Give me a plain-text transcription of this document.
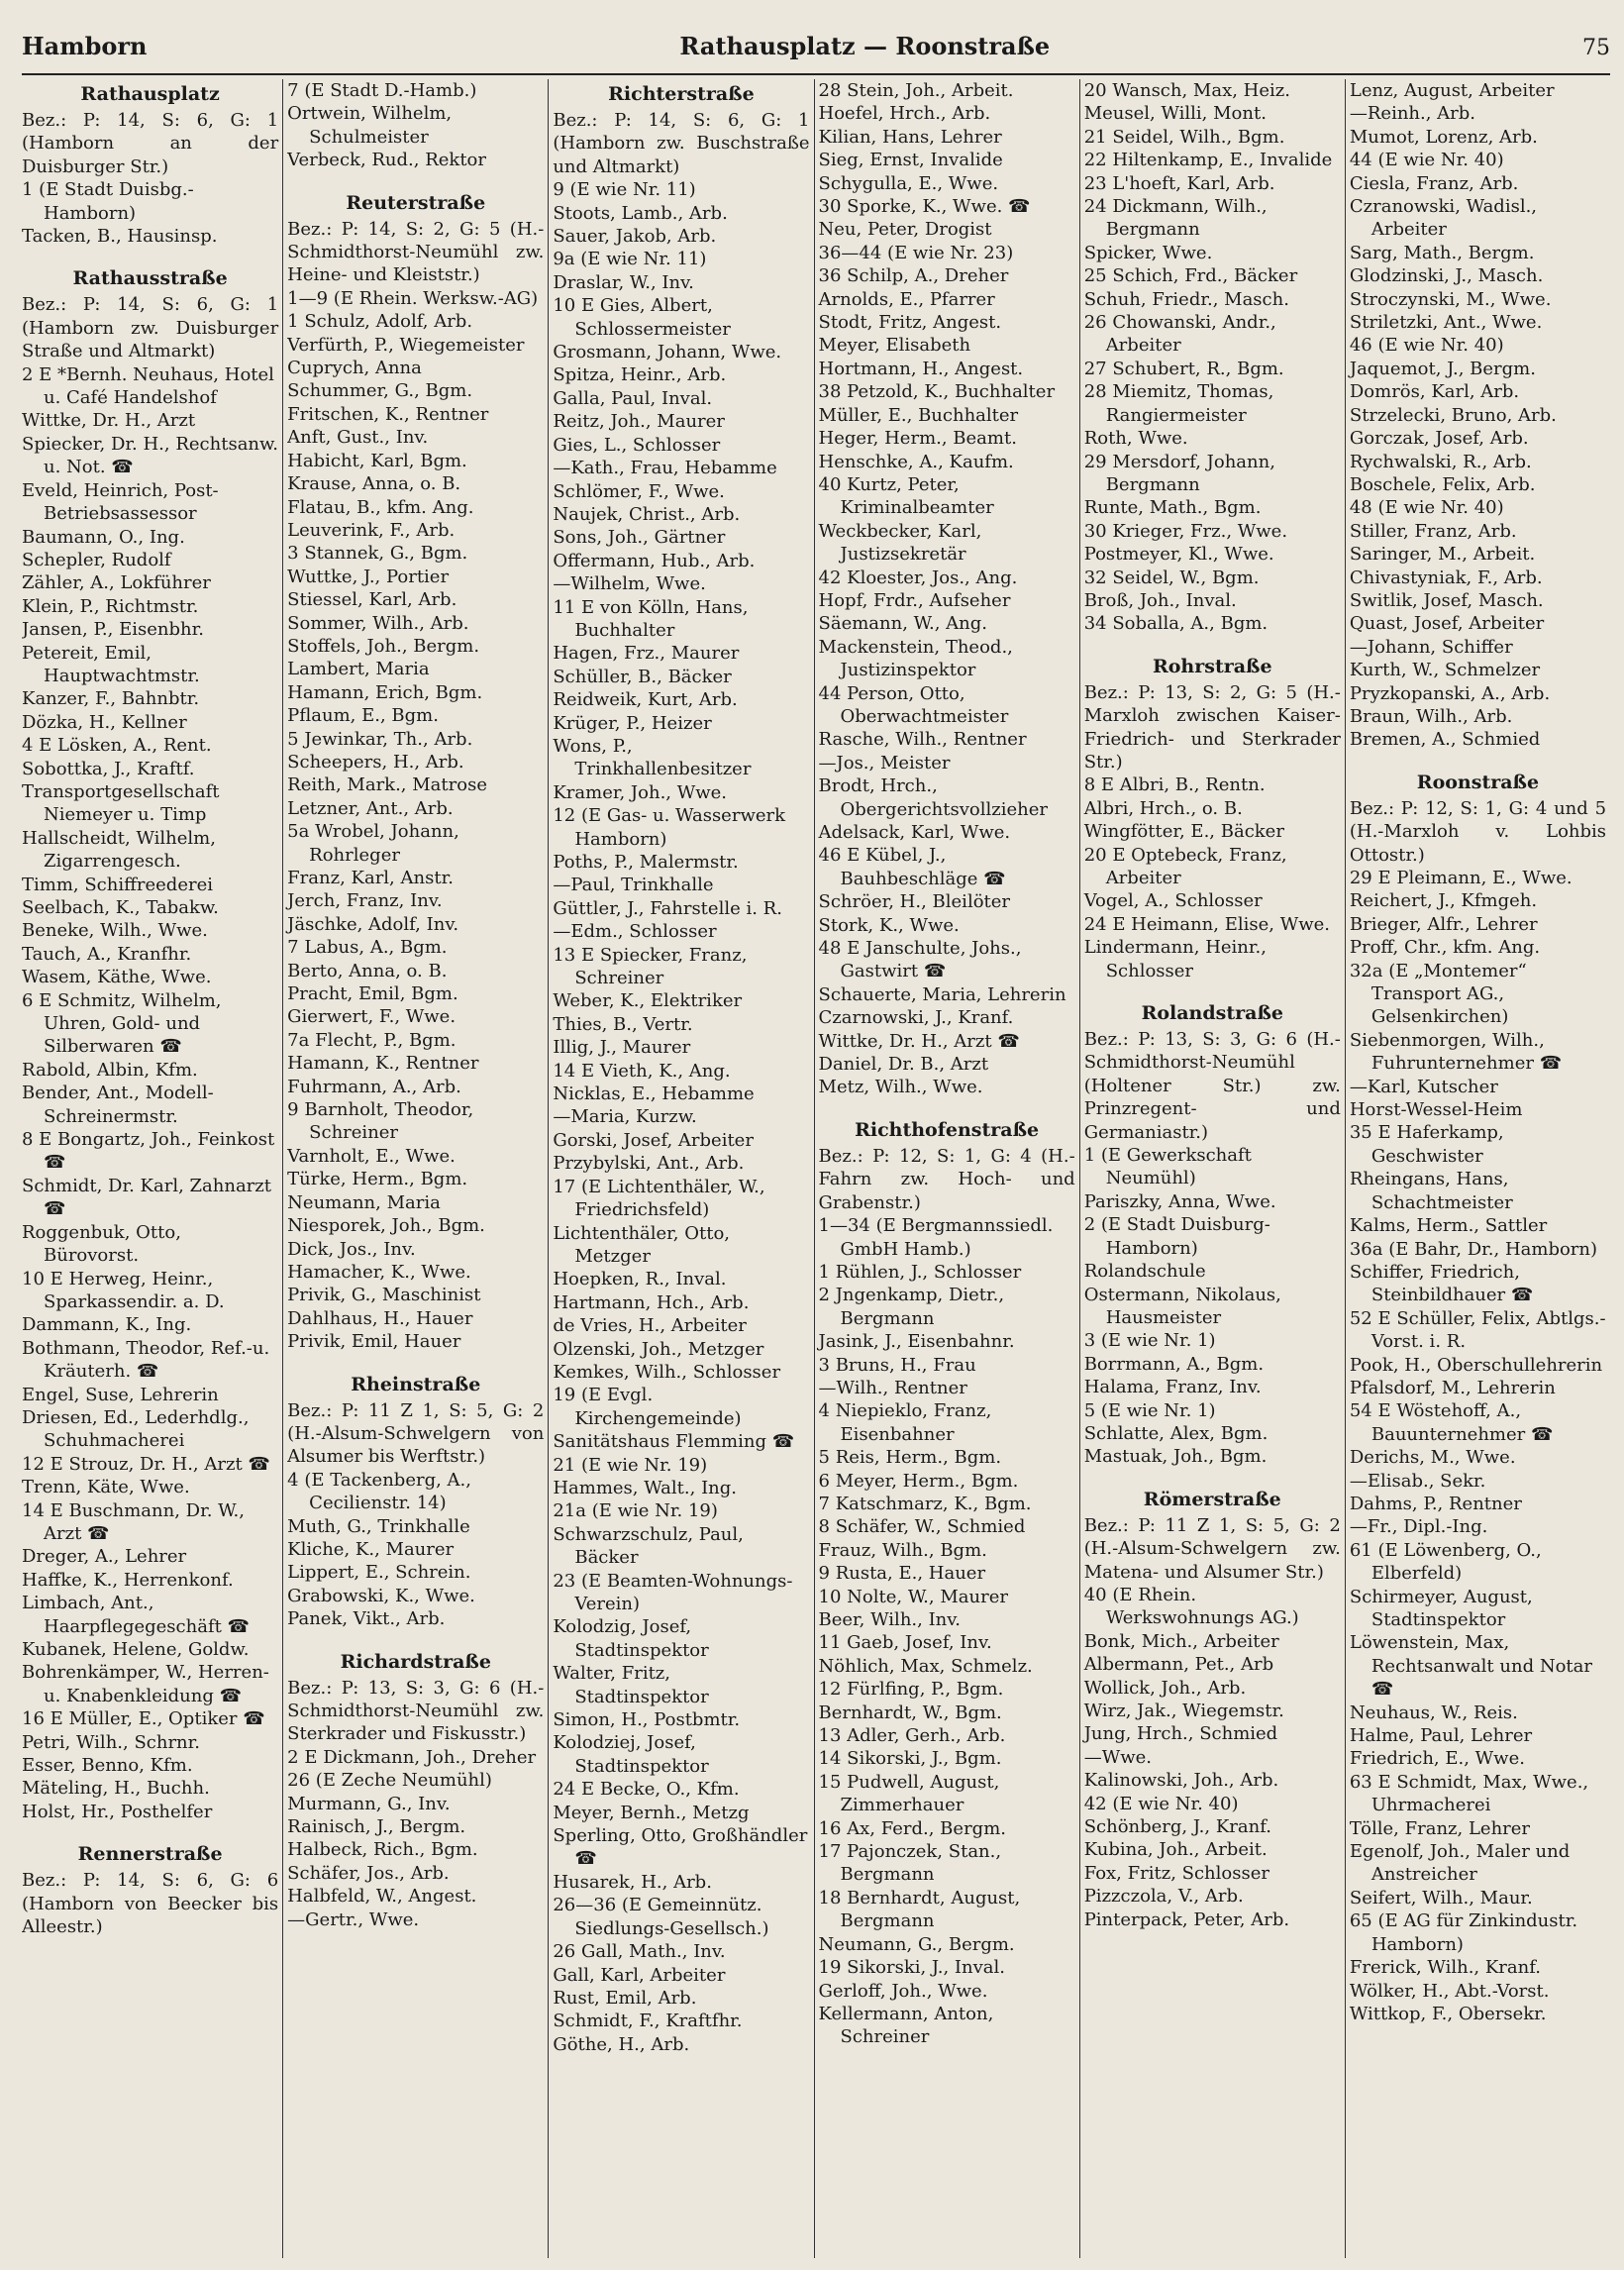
Hamborn	Rathausplatz — Roonstraße	75
Rathausplatz
Bez.: P: 14, S: 6, G: 1 (Hamborn an der Duisburger Str.)
1 (E Stadt Duisbg.-Hamborn)
Tacken, B., Hausinsp.
Rathausstraße
Bez.: P: 14, S: 6, G: 1 (Hamborn zw. Duisburger Straße und Altmarkt)
2 E *Bernh. Neuhaus, Hotel u. Café Handelshof
Wittke, Dr. H., Arzt
Spiecker, Dr. H., Rechtsanw. u. Not. ☎
Eveld, Heinrich, Post-Betriebsassessor
Baumann, O., Ing.
Schepler, Rudolf
Zähler, A., Lokführer
Klein, P., Richtmstr.
Jansen, P., Eisenbhr.
Petereit, Emil, Hauptwachtmstr.
Kanzer, F., Bahnbtr.
Dözka, H., Kellner
4 E Lösken, A., Rent.
Sobottka, J., Kraftf.
Transportgesellschaft Niemeyer u. Timp
Hallscheidt, Wilhelm, Zigarrengesch.
Timm, Schiffreederei
Seelbach, K., Tabakw.
Beneke, Wilh., Wwe.
Tauch, A., Kranfhr.
Wasem, Käthe, Wwe.
6 E Schmitz, Wilhelm, Uhren, Gold- und Silberwaren ☎
Rabold, Albin, Kfm.
Bender, Ant., Modell-Schreinermstr.
8 E Bongartz, Joh., Feinkost ☎
Schmidt, Dr. Karl, Zahnarzt ☎
Roggenbuk, Otto, Bürovorst.
10 E Herweg, Heinr., Sparkassendir. a. D.
Dammann, K., Ing.
Bothmann, Theodor, Ref.-u. Kräuterh. ☎
Engel, Suse, Lehrerin
Driesen, Ed., Lederhdlg., Schuhmacherei
12 E Strouz, Dr. H., Arzt ☎
Trenn, Käte, Wwe.
14 E Buschmann, Dr. W., Arzt ☎
Dreger, A., Lehrer
Haffke, K., Herrenkonf.
Limbach, Ant., Haarpflegegeschäft ☎
Kubanek, Helene, Goldw.
Bohrenkämper, W., Herren- u. Knabenkleidung ☎
16 E Müller, E., Optiker ☎
Petri, Wilh., Schrnr.
Esser, Benno, Kfm.
Mäteling, H., Buchh.
Holst, Hr., Posthelfer
Rennerstraße
Bez.: P: 14, S: 6, G: 6 (Hamborn von Beecker bis Alleestr.)
7 (E Stadt D.-Hamb.)
Ortwein, Wilhelm, Schulmeister
Verbeck, Rud., Rektor
Reuterstraße
Bez.: P: 14, S: 2, G: 5 (H.-Schmidthorst-Neumühl zw. Heine- und Kleiststr.)
1—9 (E Rhein. Werksw.-AG)
1 Schulz, Adolf, Arb.
Verfürth, P., Wiegemeister
Cuprych, Anna
Schummer, G., Bgm.
Fritschen, K., Rentner
Anft, Gust., Inv.
Habicht, Karl, Bgm.
Krause, Anna, o. B.
Flatau, B., kfm. Ang.
Leuverink, F., Arb.
3 Stannek, G., Bgm.
Wuttke, J., Portier
Stiessel, Karl, Arb.
Sommer, Wilh., Arb.
Stoffels, Joh., Bergm.
Lambert, Maria
Hamann, Erich, Bgm.
Pflaum, E., Bgm.
5 Jewinkar, Th., Arb.
Scheepers, H., Arb.
Reith, Mark., Matrose
Letzner, Ant., Arb.
5a Wrobel, Johann, Rohrleger
Franz, Karl, Anstr.
Jerch, Franz, Inv.
Jäschke, Adolf, Inv.
7 Labus, A., Bgm.
Berto, Anna, o. B.
Pracht, Emil, Bgm.
Gierwert, F., Wwe.
7a Flecht, P., Bgm.
Hamann, K., Rentner
Fuhrmann, A., Arb.
9 Barnholt, Theodor, Schreiner
Varnholt, E., Wwe.
Türke, Herm., Bgm.
Neumann, Maria
Niesporek, Joh., Bgm.
Dick, Jos., Inv.
Hamacher, K., Wwe.
Privik, G., Maschinist
Dahlhaus, H., Hauer
Privik, Emil, Hauer
Rheinstraße
Bez.: P: 11 Z 1, S: 5, G: 2 (H.-Alsum-Schwelgern von Alsumer bis Werftstr.)
4 (E Tackenberg, A., Cecilienstr. 14)
Muth, G., Trinkhalle
Kliche, K., Maurer
Lippert, E., Schrein.
Grabowski, K., Wwe.
Panek, Vikt., Arb.
Richardstraße
Bez.: P: 13, S: 3, G: 6 (H.-Schmidthorst-Neumühl zw. Sterkrader und Fiskusstr.)
2 E Dickmann, Joh., Dreher
26 (E Zeche Neumühl)
Murmann, G., Inv.
Rainisch, J., Bergm.
Halbeck, Rich., Bgm.
Schäfer, Jos., Arb.
Halbfeld, W., Angest.
—Gertr., Wwe.
Richterstraße
Bez.: P: 14, S: 6, G: 1 (Hamborn zw. Buschstraße und Altmarkt)
9 (E wie Nr. 11)
Stoots, Lamb., Arb.
Sauer, Jakob, Arb.
9a (E wie Nr. 11)
Draslar, W., Inv.
10 E Gies, Albert, Schlossermeister
Grosmann, Johann, Wwe.
Spitza, Heinr., Arb.
Galla, Paul, Inval.
Reitz, Joh., Maurer
Gies, L., Schlosser
—Kath., Frau, Hebamme
Schlömer, F., Wwe.
Naujek, Christ., Arb.
Sons, Joh., Gärtner
Offermann, Hub., Arb.
—Wilhelm, Wwe.
11 E von Kölln, Hans, Buchhalter
Hagen, Frz., Maurer
Schüller, B., Bäcker
Reidweik, Kurt, Arb.
Krüger, P., Heizer
Wons, P., Trinkhallenbesitzer
Kramer, Joh., Wwe.
12 (E Gas- u. Wasserwerk Hamborn)
Poths, P., Malermstr.
—Paul, Trinkhalle
Güttler, J., Fahrstelle i. R.
—Edm., Schlosser
13 E Spiecker, Franz, Schreiner
Weber, K., Elektriker
Thies, B., Vertr.
Illig, J., Maurer
14 E Vieth, K., Ang.
Nicklas, E., Hebamme
—Maria, Kurzw.
Gorski, Josef, Arbeiter
Przybylski, Ant., Arb.
17 (E Lichtenthäler, W., Friedrichsfeld)
Lichtenthäler, Otto, Metzger
Hoepken, R., Inval.
Hartmann, Hch., Arb.
de Vries, H., Arbeiter
Olzenski, Joh., Metzger
Kemkes, Wilh., Schlosser
19 (E Evgl. Kirchengemeinde)
Sanitätshaus Flemming ☎
21 (E wie Nr. 19)
Hammes, Walt., Ing.
21a (E wie Nr. 19)
Schwarzschulz, Paul, Bäcker
23 (E Beamten-Wohnungs-Verein)
Kolodzig, Josef, Stadtinspektor
Walter, Fritz, Stadtinspektor
Simon, H., Postbmtr.
Kolodziej, Josef, Stadtinspektor
24 E Becke, O., Kfm.
Meyer, Bernh., Metzg
Sperling, Otto, Großhändler ☎
Husarek, H., Arb.
26—36 (E Gemeinnütz. Siedlungs-Gesellsch.)
26 Gall, Math., Inv.
Gall, Karl, Arbeiter
Rust, Emil, Arb.
Schmidt, F., Kraftfhr.
Göthe, H., Arb.
28 Stein, Joh., Arbeit.
Hoefel, Hrch., Arb.
Kilian, Hans, Lehrer
Sieg, Ernst, Invalide
Schygulla, E., Wwe.
30 Sporke, K., Wwe. ☎
Neu, Peter, Drogist
36—44 (E wie Nr. 23)
36 Schilp, A., Dreher
Arnolds, E., Pfarrer
Stodt, Fritz, Angest.
Meyer, Elisabeth
Hortmann, H., Angest.
38 Petzold, K., Buchhalter
Müller, E., Buchhalter
Heger, Herm., Beamt.
Henschke, A., Kaufm.
40 Kurtz, Peter, Kriminalbeamter
Weckbecker, Karl, Justizsekretär
42 Kloester, Jos., Ang.
Hopf, Frdr., Aufseher
Säemann, W., Ang.
Mackenstein, Theod., Justizinspektor
44 Person, Otto, Oberwachtmeister
Rasche, Wilh., Rentner
—Jos., Meister
Brodt, Hrch., Obergerichtsvollzieher
Adelsack, Karl, Wwe.
46 E Kübel, J., Bauhbeschläge ☎
Schröer, H., Bleilöter
Stork, K., Wwe.
48 E Janschulte, Johs., Gastwirt ☎
Schauerte, Maria, Lehrerin
Czarnowski, J., Kranf.
Wittke, Dr. H., Arzt ☎
Daniel, Dr. B., Arzt
Metz, Wilh., Wwe.
Richthofenstraße
Bez.: P: 12, S: 1, G: 4 (H.-Fahrn zw. Hoch- und Grabenstr.)
1—34 (E Bergmannssiedl. GmbH Hamb.)
1 Rühlen, J., Schlosser
2 Jngenkamp, Dietr., Bergmann
Jasink, J., Eisenbahnr.
3 Bruns, H., Frau
—Wilh., Rentner
4 Niepieklo, Franz, Eisenbahner
5 Reis, Herm., Bgm.
6 Meyer, Herm., Bgm.
7 Katschmarz, K., Bgm.
8 Schäfer, W., Schmied
Frauz, Wilh., Bgm.
9 Rusta, E., Hauer
10 Nolte, W., Maurer
Beer, Wilh., Inv.
11 Gaeb, Josef, Inv.
Nöhlich, Max, Schmelz.
12 Fürlfing, P., Bgm.
Bernhardt, W., Bgm.
13 Adler, Gerh., Arb.
14 Sikorski, J., Bgm.
15 Pudwell, August, Zimmerhauer
16 Ax, Ferd., Bergm.
17 Pajonczek, Stan., Bergmann
18 Bernhardt, August, Bergmann
Neumann, G., Bergm.
19 Sikorski, J., Inval.
Gerloff, Joh., Wwe.
Kellermann, Anton, Schreiner
20 Wansch, Max, Heiz.
Meusel, Willi, Mont.
21 Seidel, Wilh., Bgm.
22 Hiltenkamp, E., Invalide
23 L'hoeft, Karl, Arb.
24 Dickmann, Wilh., Bergmann
Spicker, Wwe.
25 Schich, Frd., Bäcker
Schuh, Friedr., Masch.
26 Chowanski, Andr., Arbeiter
27 Schubert, R., Bgm.
28 Miemitz, Thomas, Rangiermeister
Roth, Wwe.
29 Mersdorf, Johann, Bergmann
Runte, Math., Bgm.
30 Krieger, Frz., Wwe.
Postmeyer, Kl., Wwe.
32 Seidel, W., Bgm.
Broß, Joh., Inval.
34 Soballa, A., Bgm.
Rohrstraße
Bez.: P: 13, S: 2, G: 5 (H.-Marxloh zwischen Kaiser-Friedrich- und Sterkrader Str.)
8 E Albri, B., Rentn.
Albri, Hrch., o. B.
Wingfötter, E., Bäcker
20 E Optebeck, Franz, Arbeiter
Vogel, A., Schlosser
24 E Heimann, Elise, Wwe.
Lindermann, Heinr., Schlosser
Rolandstraße
Bez.: P: 13, S: 3, G: 6 (H.-Schmidthorst-Neumühl (Holtener Str.) zw. Prinzregent- und Germaniastr.)
1 (E Gewerkschaft Neumühl)
Pariszky, Anna, Wwe.
2 (E Stadt Duisburg-Hamborn)
Rolandschule
Ostermann, Nikolaus, Hausmeister
3 (E wie Nr. 1)
Borrmann, A., Bgm.
Halama, Franz, Inv.
5 (E wie Nr. 1)
Schlatte, Alex, Bgm.
Mastuak, Joh., Bgm.
Römerstraße
Bez.: P: 11 Z 1, S: 5, G: 2 (H.-Alsum-Schwelgern zw. Matena- und Alsumer Str.)
40 (E Rhein. Werkswohnungs AG.)
Bonk, Mich., Arbeiter
Albermann, Pet., Arb
Wollick, Joh., Arb.
Wirz, Jak., Wiegemstr.
Jung, Hrch., Schmied
—Wwe.
Kalinowski, Joh., Arb.
42 (E wie Nr. 40)
Schönberg, J., Kranf.
Kubina, Joh., Arbeit.
Fox, Fritz, Schlosser
Pizzczola, V., Arb.
Pinterpack, Peter, Arb.
Lenz, August, Arbeiter
—Reinh., Arb.
Mumot, Lorenz, Arb.
44 (E wie Nr. 40)
Ciesla, Franz, Arb.
Czranowski, Wadisl., Arbeiter
Sarg, Math., Bergm.
Glodzinski, J., Masch.
Stroczynski, M., Wwe.
Striletzki, Ant., Wwe.
46 (E wie Nr. 40)
Jaquemot, J., Bergm.
Domrös, Karl, Arb.
Strzelecki, Bruno, Arb.
Gorczak, Josef, Arb.
Rychwalski, R., Arb.
Boschele, Felix, Arb.
48 (E wie Nr. 40)
Stiller, Franz, Arb.
Saringer, M., Arbeit.
Chivastyniak, F., Arb.
Switlik, Josef, Masch.
Quast, Josef, Arbeiter
—Johann, Schiffer
Kurth, W., Schmelzer
Pryzkopanski, A., Arb.
Braun, Wilh., Arb.
Bremen, A., Schmied
Roonstraße
Bez.: P: 12, S: 1, G: 4 und 5 (H.-Marxloh v. Lohbis Ottostr.)
29 E Pleimann, E., Wwe.
Reichert, J., Kfmgeh.
Brieger, Alfr., Lehrer
Proff, Chr., kfm. Ang.
32a (E „Montemer“ Transport AG., Gelsenkirchen)
Siebenmorgen, Wilh., Fuhrunternehmer ☎
—Karl, Kutscher
Horst-Wessel-Heim
35 E Haferkamp, Geschwister
Rheingans, Hans, Schachtmeister
Kalms, Herm., Sattler
36a (E Bahr, Dr., Hamborn)
Schiffer, Friedrich, Steinbildhauer ☎
52 E Schüller, Felix, Abtlgs.-Vorst. i. R.
Pook, H., Oberschullehrerin
Pfalsdorf, M., Lehrerin
54 E Wöstehoff, A., Bauunternehmer ☎
Derichs, M., Wwe.
—Elisab., Sekr.
Dahms, P., Rentner
—Fr., Dipl.-Ing.
61 (E Löwenberg, O., Elberfeld)
Schirmeyer, August, Stadtinspektor
Löwenstein, Max, Rechtsanwalt und Notar ☎
Neuhaus, W., Reis.
Halme, Paul, Lehrer
Friedrich, E., Wwe.
63 E Schmidt, Max, Wwe., Uhrmacherei
Tölle, Franz, Lehrer
Egenolf, Joh., Maler und Anstreicher
Seifert, Wilh., Maur.
65 (E AG für Zinkindustr. Hamborn)
Frerick, Wilh., Kranf.
Wölker, H., Abt.-Vorst.
Wittkop, F., Obersekr.
